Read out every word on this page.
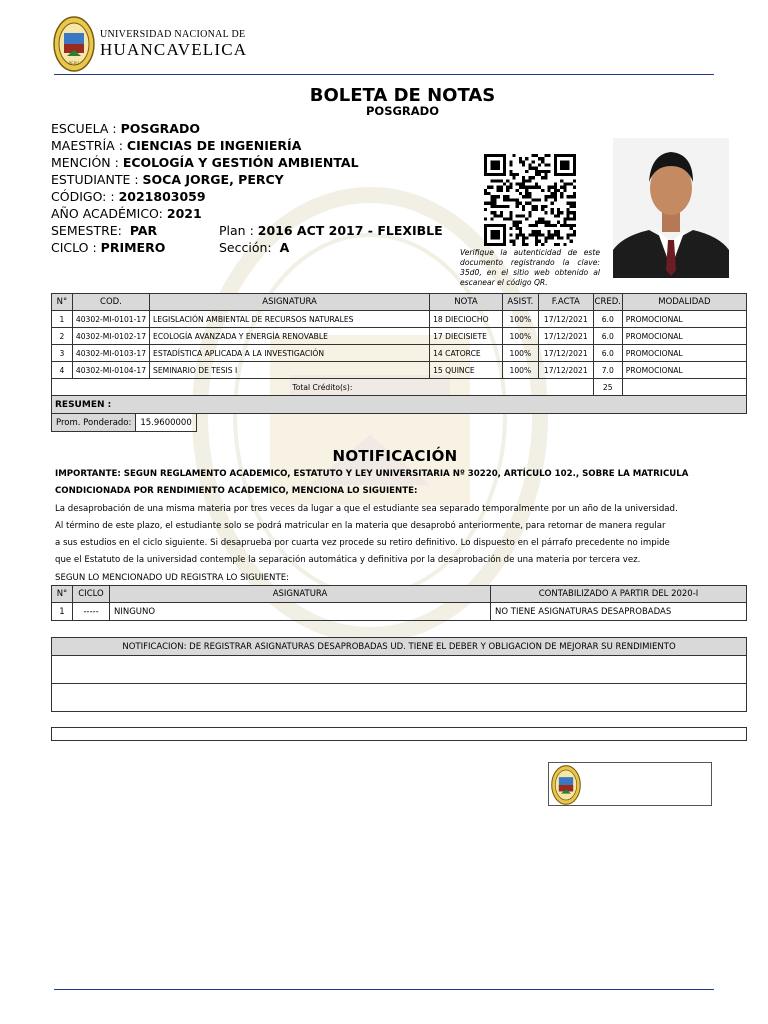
PERÚ
UNIVERSIDAD NACIONAL DE
HUANCAVELICA
BOLETA DE NOTAS
POSGRADO
ESCUELA : POSGRADO
MAESTRÍA : CIENCIAS DE INGENIERÍA
MENCIÓN : ECOLOGÍA Y GESTIÓN AMBIENTAL
ESTUDIANTE : SOCA JORGE, PERCY
CÓDIGO: : 2021803059
AÑO ACADÉMICO: 2021
SEMESTRE: PAR
CICLO : PRIMERO
Plan : 2016 ACT 2017 - FLEXIBLE
Sección: A	Verifique la autenticidad de este documento registrando la clave: 35d0, en el sitio web obtenido al escanear el código QR.
N°	COD.	ASIGNATURA	NOTA	ASIST.	F.ACTA	CRED.	MODALIDAD
1	40302-MI-0101-17	LEGISLACIÓN AMBIENTAL DE RECURSOS NATURALES	18 DIECIOCHO	100%	17/12/2021	6.0	PROMOCIONAL
2	40302-MI-0102-17	ECOLOGÍA AVANZADA Y ENERGÍA RENOVABLE	17 DIECISIETE	100%	17/12/2021	6.0	PROMOCIONAL
3	40302-MI-0103-17	ESTADÍSTICA APLICADA A LA INVESTIGACIÓN	14 CATORCE	100%	17/12/2021	6.0	PROMOCIONAL
4	40302-MI-0104-17	SEMINARIO DE TESIS I	15 QUINCE	100%	17/12/2021	7.0	PROMOCIONAL
Total Crédito(s):						25	
RESUMEN :							
Prom. Ponderado:	15.9600000
NOTIFICACIÓN
IMPORTANTE: SEGUN REGLAMENTO ACADEMICO, ESTATUTO Y LEY UNIVERSITARIA Nº 30220, ARTÍCULO 102., SOBRE LA MATRICULA
CONDICIONADA POR RENDIMIENTO ACADEMICO, MENCIONA LO SIGUIENTE:
La desaprobación de una misma materia por tres veces da lugar a que el estudiante sea separado temporalmente por un año de la universidad.
Al término de este plazo, el estudiante solo se podrá matricular en la materia que desaprobó anteriormente, para retornar de manera regular
a sus estudios en el ciclo siguiente. Si desaprueba por cuarta vez procede su retiro definitivo. Lo dispuesto en el párrafo precedente no impide
que el Estatuto de la universidad contemple la separación automática y definitiva por la desaprobación de una materia por tercera vez.
SEGUN LO MENCIONADO UD REGISTRA LO SIGUIENTE:
N°	CICLO	ASIGNATURA	CONTABILIZADO A PARTIR DEL 2020-I
1	-----	NINGUNO	NO TIENE ASIGNATURAS DESAPROBADAS
NOTIFICACION: DE REGISTRAR ASIGNATURAS DESAPROBADAS UD. TIENE EL DEBER Y OBLIGACION DE MEJORAR SU RENDIMIENTO
